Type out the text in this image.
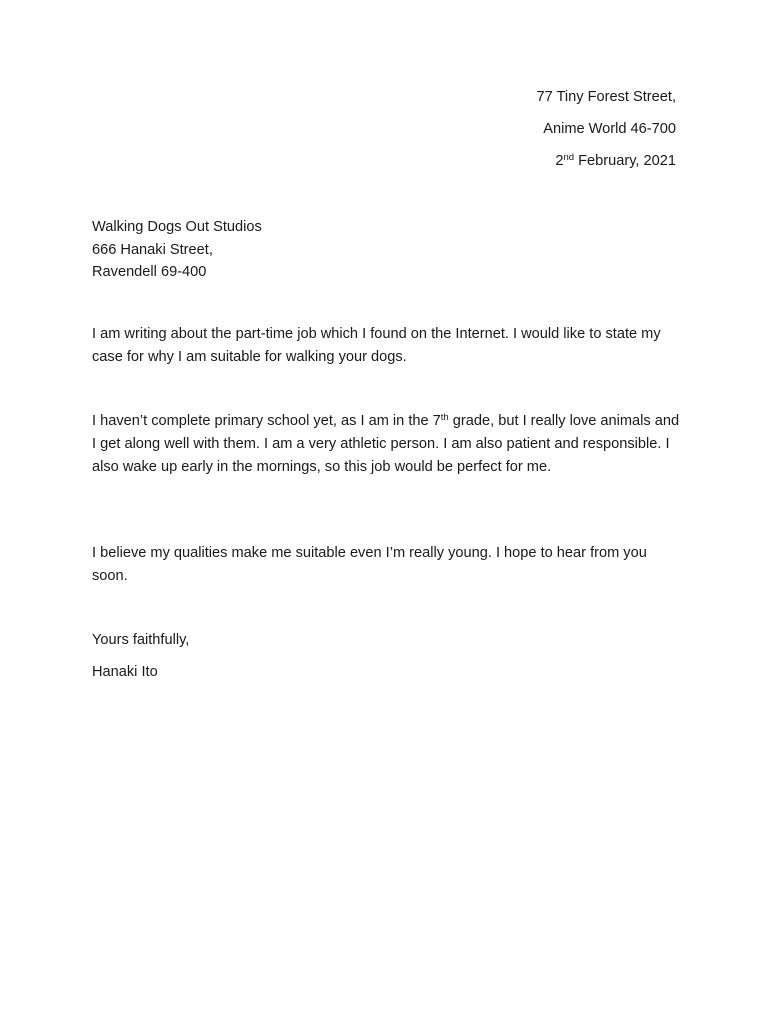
77 Tiny Forest Street,

Anime World 46-700

2nd February, 2021

Walking Dogs Out Studios

666 Hanaki Street,

Ravendell 69-400

I am writing about the part-time job which I found on the Internet. I would like to state my case for why I am suitable for walking your dogs.

I haven’t complete primary school yet, as I am in the 7th grade, but I really love animals and I get along well with them. I am a very athletic person. I am also patient and responsible. I also wake up early in the mornings, so this job would be perfect for me.

I believe my qualities make me suitable even I’m really young. I hope to hear from you soon.

Yours faithfully,

Hanaki Ito
